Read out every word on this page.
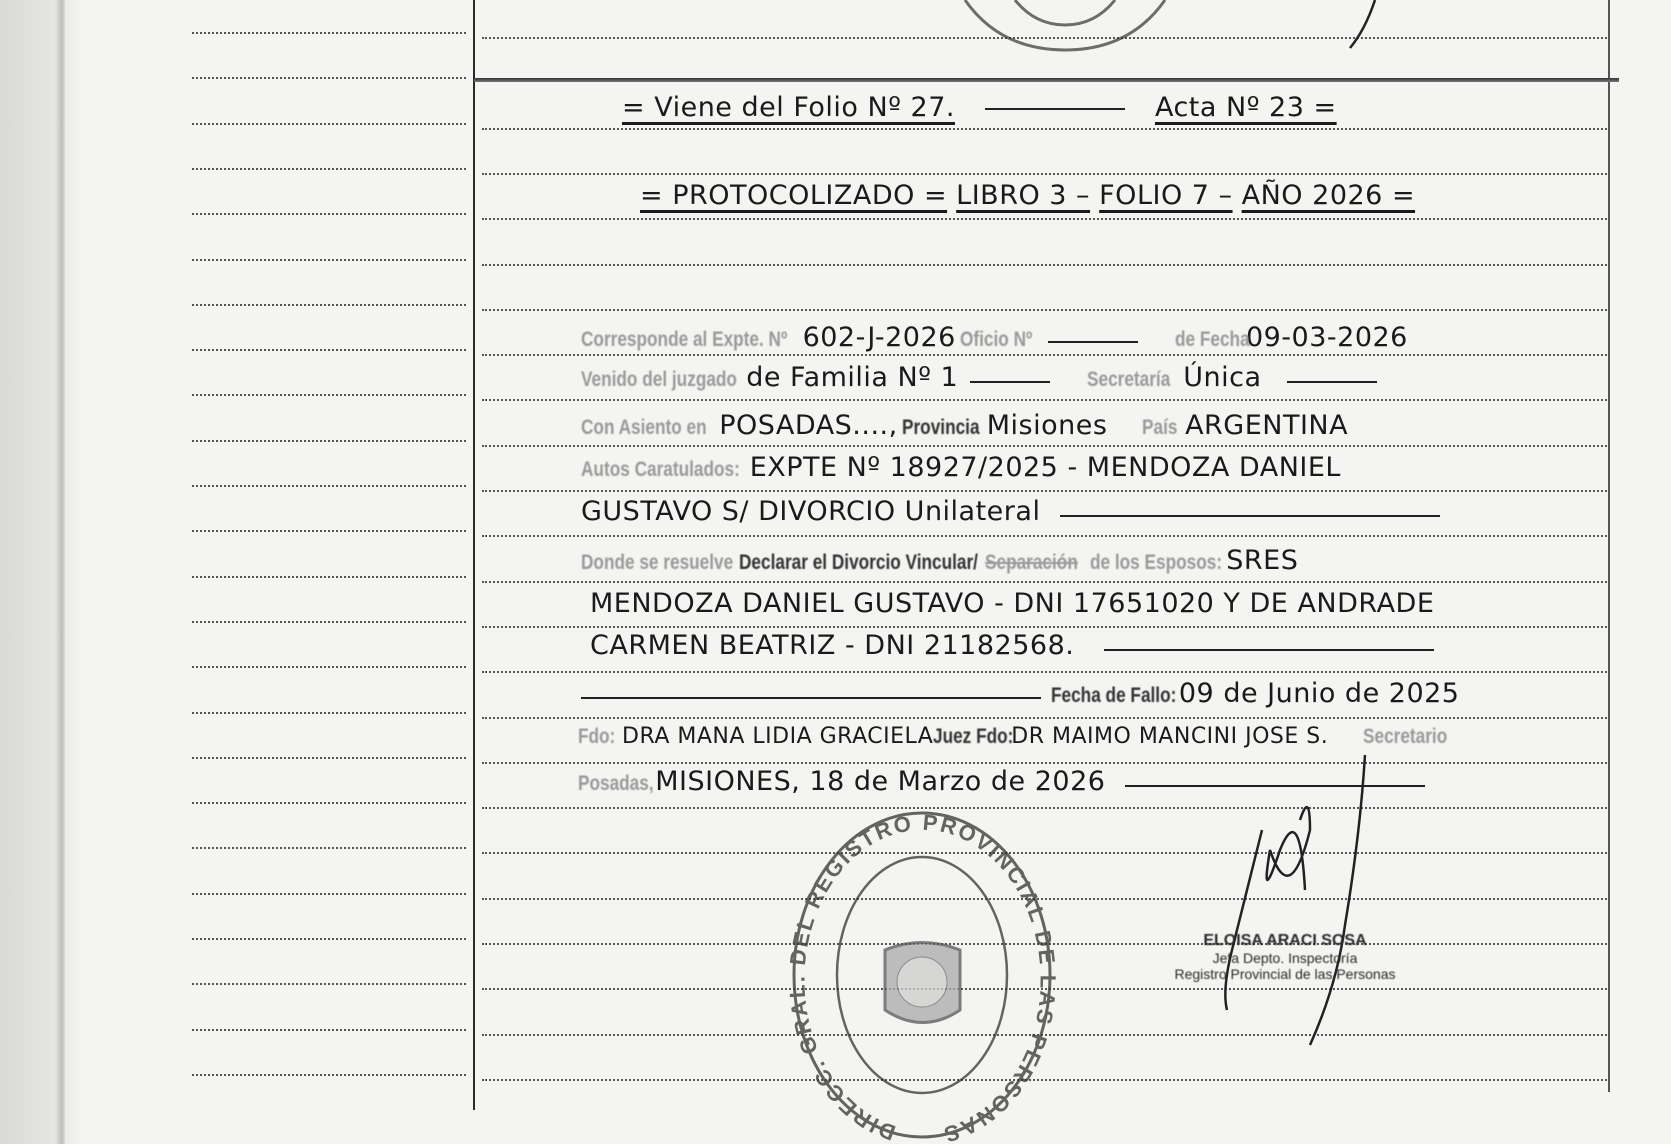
= Viene del Folio Nº 27.	Acta Nº 23 =
= PROTOCOLIZADO = LIBRO 3 – FOLIO 7 – AÑO 2026 =
Corresponde al Expte. Nº 602-J-2026 Oficio Nº	de Fecha09-03-2026
Venido del juzgado de Familia Nº 1	Secretaría Única
Con Asiento en POSADAS...., Provincia Misiones País ARGENTINA
Autos Caratulados: EXPTE Nº 18927/2025 - MENDOZA DANIEL
GUSTAVO S/ DIVORCIO Unilateral
Donde se resuelve Declarar el Divorcio Vincular/ Separación de los Esposos: SRES
MENDOZA DANIEL GUSTAVO - DNI 17651020 Y DE ANDRADE
CARMEN BEATRIZ - DNI 21182568.
Fecha de Fallo:09 de Junio de 2025
Fdo: DRA MANA LIDIA GRACIELAJuez Fdo:DR MAIMO MANCINI JOSE S. Secretario
Posadas,MISIONES, 18 de Marzo de 2026
DIRECC. GRAL. DEL REGISTRO PROVINCIAL DE LAS PERSONAS
ELOISA ARACI SOSA
Jefa Depto. Inspectoría
Registro Provincial de las Personas
